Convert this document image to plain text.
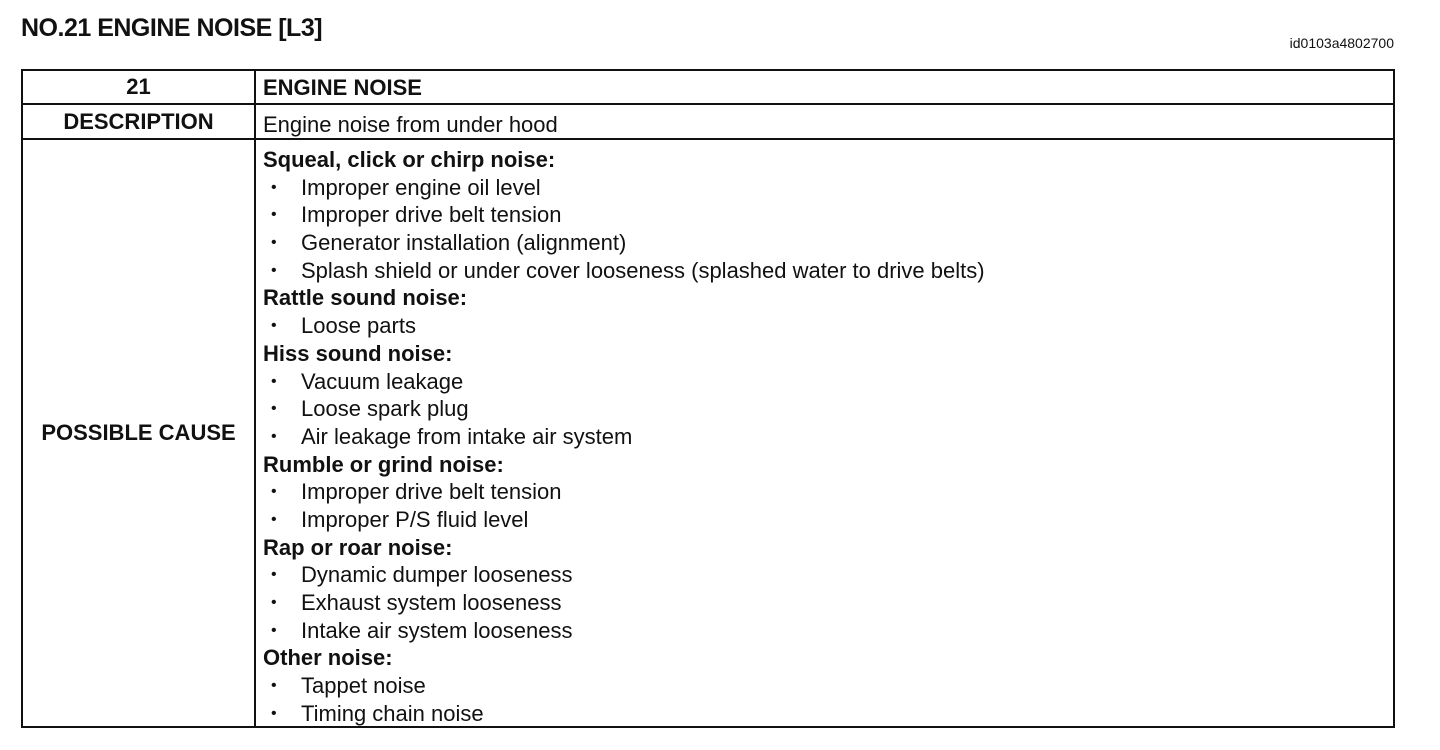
NO.21 ENGINE NOISE [L3]
id0103a4802700
21	ENGINE NOISE
DESCRIPTION	Engine noise from under hood
POSSIBLE CAUSE
Squeal, click or chirp noise:
• Improper engine oil level
• Improper drive belt tension
• Generator installation (alignment)
• Splash shield or under cover looseness (splashed water to drive belts)
Rattle sound noise:
• Loose parts
Hiss sound noise:
• Vacuum leakage
• Loose spark plug
• Air leakage from intake air system
Rumble or grind noise:
• Improper drive belt tension
• Improper P/S fluid level
Rap or roar noise:
• Dynamic dumper looseness
• Exhaust system looseness
• Intake air system looseness
Other noise:
• Tappet noise
• Timing chain noise
